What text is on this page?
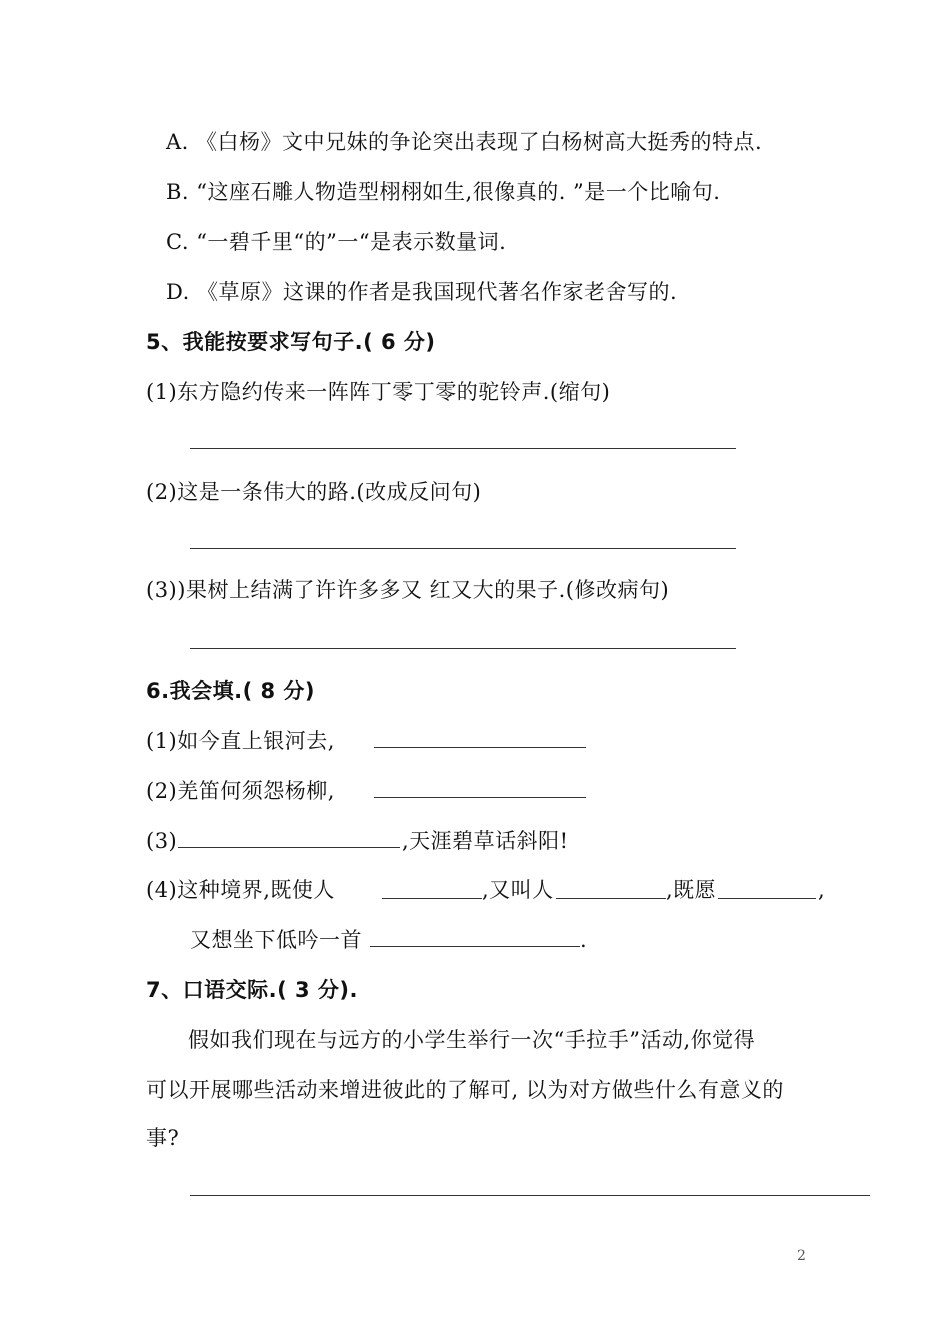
A. 《白杨》文中兄妹的争论突出表现了白杨树高大挺秀的特点.
B. “这座石雕人物造型栩栩如生,很像真的. ”是一个比喻句.
C. “一碧千里“的”一“是表示数量词.
D. 《草原》这课的作者是我国现代著名作家老舍写的.
5、我能按要求写句子.( 6 分)
(1)东方隐约传来一阵阵丁零丁零的驼铃声.(缩句)
(2)这是一条伟大的路.(改成反问句)
(3))果树上结满了许许多多又 红又大的果子.(修改病句)
6.我会填.( 8 分)
(1)如今直上银河去,
(2)羌笛何须怨杨柳,
(3)	,天涯碧草话斜阳!
(4)这种境界,既使人	,又叫人	,既愿	,
又想坐下低吟一首	.
7、口语交际.( 3 分).
假如我们现在与远方的小学生举行一次“手拉手”活动,你觉得
可以开展哪些活动来增进彼此的了解可, 以为对方做些什么有意义的
事?
2
